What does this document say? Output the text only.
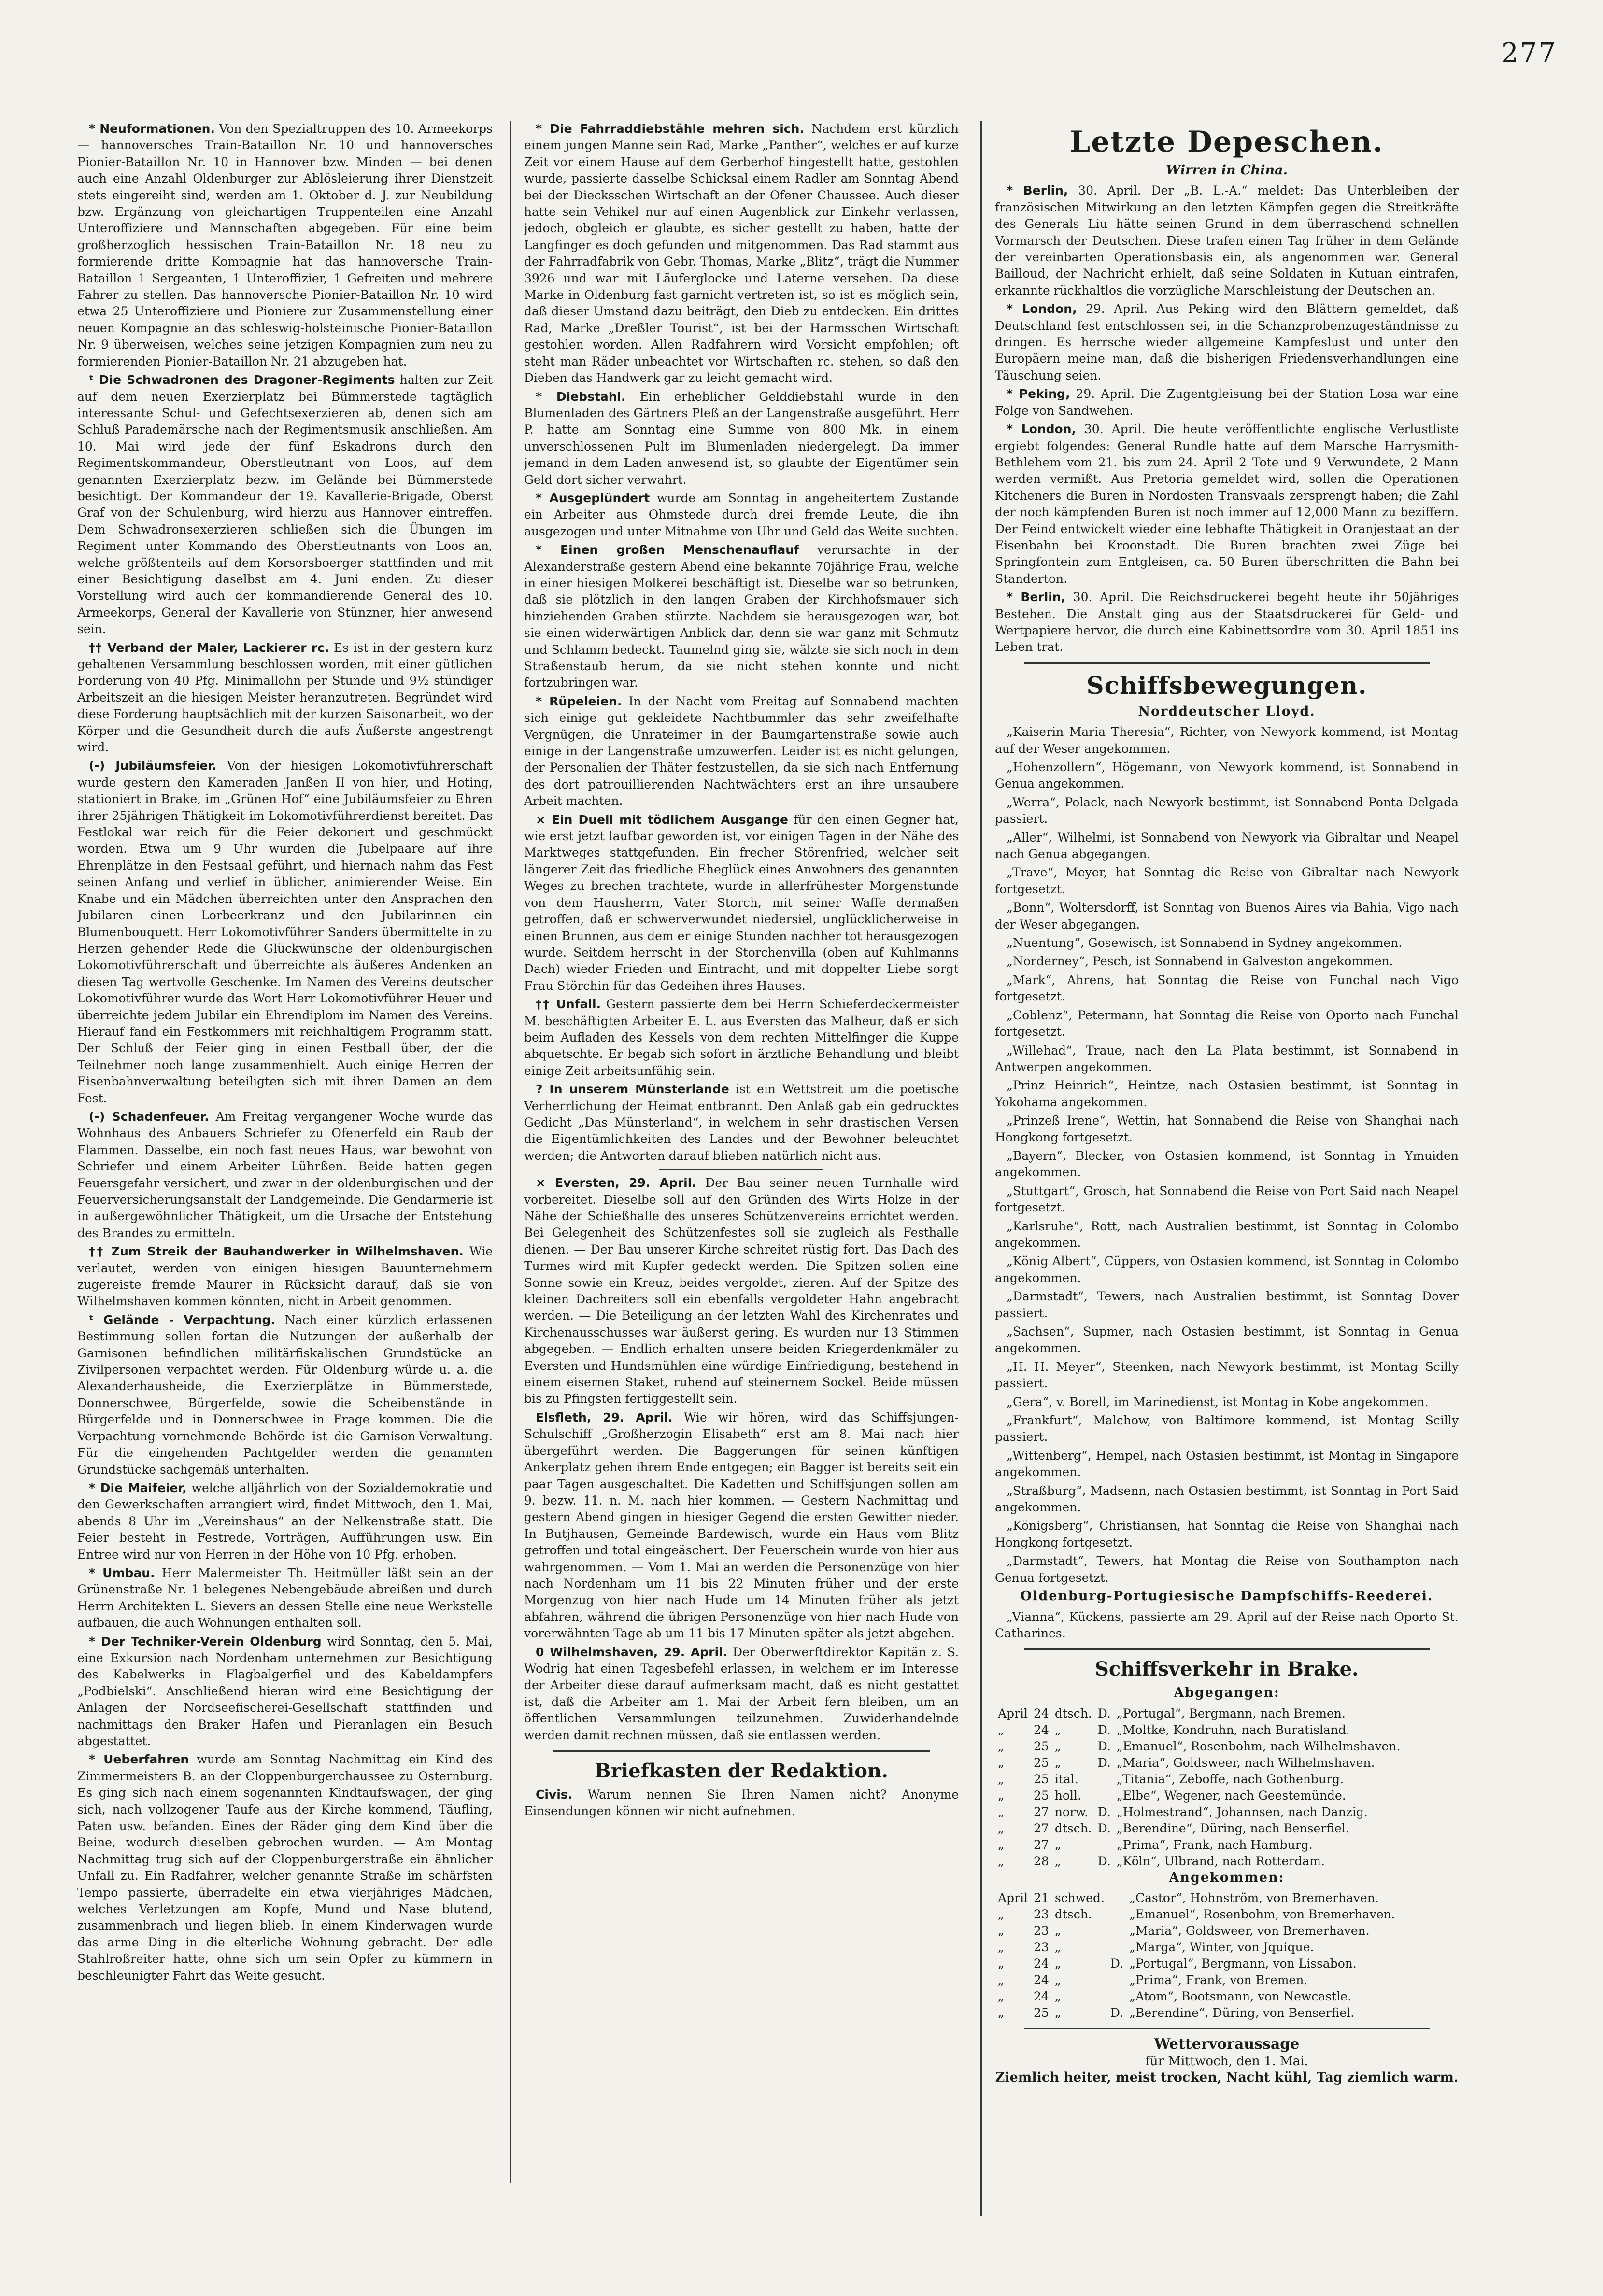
277

* Neuformationen. Von den Spezialtruppen des 10. Armeekorps — hannoversches Train-Bataillon Nr. 10 und hannoversches Pionier-Bataillon Nr. 10 in Hannover bzw. Minden — bei denen auch eine Anzahl Oldenburger zur Ablösleierung ihrer Dienstzeit stets eingereiht sind, werden am 1. Oktober d. J. zur Neubildung bzw. Ergänzung von gleichartigen Truppenteilen eine Anzahl Unteroffiziere und Mannschaften abgegeben. Für eine beim großherzoglich hessischen Train-Bataillon Nr. 18 neu zu formierende dritte Kompagnie hat das hannoversche Train-Bataillon 1 Sergeanten, 1 Unteroffizier, 1 Gefreiten und mehrere Fahrer zu stellen. Das hannoversche Pionier-Bataillon Nr. 10 wird etwa 25 Unteroffiziere und Pioniere zur Zusammenstellung einer neuen Kompagnie an das schleswig-holsteinische Pionier-Bataillon Nr. 9 überweisen, welches seine jetzigen Kompagnien zum neu zu formierenden Pionier-Bataillon Nr. 21 abzugeben hat.

ᵗ Die Schwadronen des Dragoner-Regiments halten zur Zeit auf dem neuen Exerzierplatz bei Bümmerstede tagtäglich interessante Schul- und Gefechtsexerzieren ab, denen sich am Schluß Parademärsche nach der Regimentsmusik anschließen. Am 10. Mai wird jede der fünf Eskadrons durch den Regimentskommandeur, Oberstleutnant von Loos, auf dem genannten Exerzierplatz bezw. im Gelände bei Bümmerstede besichtigt. Der Kommandeur der 19. Kavallerie-Brigade, Oberst Graf von der Schulenburg, wird hierzu aus Hannover eintreffen. Dem Schwadronsexerzieren schließen sich die Übungen im Regiment unter Kommando des Oberstleutnants von Loos an, welche größtenteils auf dem Korsorsboerger stattfinden und mit einer Besichtigung daselbst am 4. Juni enden. Zu dieser Vorstellung wird auch der kommandierende General des 10. Armeekorps, General der Kavallerie von Stünzner, hier anwesend sein.

†† Verband der Maler, Lackierer rc. Es ist in der gestern kurz gehaltenen Versammlung beschlossen worden, mit einer gütlichen Forderung von 40 Pfg. Minimallohn per Stunde und 9½ stündiger Arbeitszeit an die hiesigen Meister heranzutreten. Begründet wird diese Forderung hauptsächlich mit der kurzen Saisonarbeit, wo der Körper und die Gesundheit durch die aufs Äußerste angestrengt wird.

(-) Jubiläumsfeier. Von der hiesigen Lokomotivführerschaft wurde gestern den Kameraden Janßen II von hier, und Hoting, stationiert in Brake, im „Grünen Hof“ eine Jubiläumsfeier zu Ehren ihrer 25jährigen Thätigkeit im Lokomotivführerdienst bereitet. Das Festlokal war reich für die Feier dekoriert und geschmückt worden. Etwa um 9 Uhr wurden die Jubelpaare auf ihre Ehrenplätze in den Festsaal geführt, und hiernach nahm das Fest seinen Anfang und verlief in üblicher, animierender Weise. Ein Knabe und ein Mädchen überreichten unter den Ansprachen den Jubilaren einen Lorbeerkranz und den Jubilarinnen ein Blumenbouquett. Herr Lokomotivführer Sanders übermittelte in zu Herzen gehender Rede die Glückwünsche der oldenburgischen Lokomotivführerschaft und überreichte als äußeres Andenken an diesen Tag wertvolle Geschenke. Im Namen des Vereins deutscher Lokomotivführer wurde das Wort Herr Lokomotivführer Heuer und überreichte jedem Jubilar ein Ehrendiplom im Namen des Vereins. Hierauf fand ein Festkommers mit reichhaltigem Programm statt. Der Schluß der Feier ging in einen Festball über, der die Teilnehmer noch lange zusammenhielt. Auch einige Herren der Eisenbahnverwaltung beteiligten sich mit ihren Damen an dem Fest.

(-) Schadenfeuer. Am Freitag vergangener Woche wurde das Wohnhaus des Anbauers Schriefer zu Ofenerfeld ein Raub der Flammen. Dasselbe, ein noch fast neues Haus, war bewohnt von Schriefer und einem Arbeiter Lührßen. Beide hatten gegen Feuersgefahr versichert, und zwar in der oldenburgischen und der Feuerversicherungsanstalt der Landgemeinde. Die Gendarmerie ist in außergewöhnlicher Thätigkeit, um die Ursache der Entstehung des Brandes zu ermitteln.

†† Zum Streik der Bauhandwerker in Wilhelmshaven. Wie verlautet, werden von einigen hiesigen Bauunternehmern zugereiste fremde Maurer in Rücksicht darauf, daß sie von Wilhelmshaven kommen könnten, nicht in Arbeit genommen.

ᵗ Gelände - Verpachtung. Nach einer kürzlich erlassenen Bestimmung sollen fortan die Nutzungen der außerhalb der Garnisonen befindlichen militärfiskalischen Grundstücke an Zivilpersonen verpachtet werden. Für Oldenburg würde u. a. die Alexanderhausheide, die Exerzierplätze in Bümmerstede, Donnerschwee, Bürgerfelde, sowie die Scheibenstände in Bürgerfelde und in Donnerschwee in Frage kommen. Die die Verpachtung vornehmende Behörde ist die Garnison-Verwaltung. Für die eingehenden Pachtgelder werden die genannten Grundstücke sachgemäß unterhalten.

* Die Maifeier, welche alljährlich von der Sozialdemokratie und den Gewerkschaften arrangiert wird, findet Mittwoch, den 1. Mai, abends 8 Uhr im „Vereinshaus“ an der Nelkenstraße statt. Die Feier besteht in Festrede, Vorträgen, Aufführungen usw. Ein Entree wird nur von Herren in der Höhe von 10 Pfg. erhoben.

* Umbau. Herr Malermeister Th. Heitmüller läßt sein an der Grünenstraße Nr. 1 belegenes Nebengebäude abreißen und durch Herrn Architekten L. Sievers an dessen Stelle eine neue Werkstelle aufbauen, die auch Wohnungen enthalten soll.

* Der Techniker-Verein Oldenburg wird Sonntag, den 5. Mai, eine Exkursion nach Nordenham unternehmen zur Besichtigung des Kabelwerks in Flagbalgerfiel und des Kabeldampfers „Podbielski“. Anschließend hieran wird eine Besichtigung der Anlagen der Nordseefischerei-Gesellschaft stattfinden und nachmittags den Braker Hafen und Pieranlagen ein Besuch abgestattet.

* Ueberfahren wurde am Sonntag Nachmittag ein Kind des Zimmermeisters B. an der Cloppenburgerchaussee zu Osternburg. Es ging sich nach einem sogenannten Kindtaufswagen, der ging sich, nach vollzogener Taufe aus der Kirche kommend, Täufling, Paten usw. befanden. Eines der Räder ging dem Kind über die Beine, wodurch dieselben gebrochen wurden. — Am Montag Nachmittag trug sich auf der Cloppenburgerstraße ein ähnlicher Unfall zu. Ein Radfahrer, welcher genannte Straße im schärfsten Tempo passierte, überradelte ein etwa vierjähriges Mädchen, welches Verletzungen am Kopfe, Mund und Nase blutend, zusammenbrach und liegen blieb. In einem Kinderwagen wurde das arme Ding in die elterliche Wohnung gebracht. Der edle Stahlroßreiter hatte, ohne sich um sein Opfer zu kümmern in beschleunigter Fahrt das Weite gesucht.

* Die Fahrraddiebstähle mehren sich. Nachdem erst kürzlich einem jungen Manne sein Rad, Marke „Panther“, welches er auf kurze Zeit vor einem Hause auf dem Gerberhof hingestellt hatte, gestohlen wurde, passierte dasselbe Schicksal einem Radler am Sonntag Abend bei der Diecksschen Wirtschaft an der Ofener Chaussee. Auch dieser hatte sein Vehikel nur auf einen Augenblick zur Einkehr verlassen, jedoch, obgleich er glaubte, es sicher gestellt zu haben, hatte der Langfinger es doch gefunden und mitgenommen. Das Rad stammt aus der Fahrradfabrik von Gebr. Thomas, Marke „Blitz“, trägt die Nummer 3926 und war mit Läuferglocke und Laterne versehen. Da diese Marke in Oldenburg fast garnicht vertreten ist, so ist es möglich sein, daß dieser Umstand dazu beiträgt, den Dieb zu entdecken. Ein drittes Rad, Marke „Dreßler Tourist“, ist bei der Harmsschen Wirtschaft gestohlen worden. Allen Radfahrern wird Vorsicht empfohlen; oft steht man Räder unbeachtet vor Wirtschaften rc. stehen, so daß den Dieben das Handwerk gar zu leicht gemacht wird.

* Diebstahl. Ein erheblicher Gelddiebstahl wurde in den Blumenladen des Gärtners Pleß an der Langenstraße ausgeführt. Herr P. hatte am Sonntag eine Summe von 800 Mk. in einem unverschlossenen Pult im Blumenladen niedergelegt. Da immer jemand in dem Laden anwesend ist, so glaubte der Eigentümer sein Geld dort sicher verwahrt.

* Ausgeplündert wurde am Sonntag in angeheitertem Zustande ein Arbeiter aus Ohmstede durch drei fremde Leute, die ihn ausgezogen und unter Mitnahme von Uhr und Geld das Weite suchten.

* Einen großen Menschenauflauf verursachte in der Alexanderstraße gestern Abend eine bekannte 70jährige Frau, welche in einer hiesigen Molkerei beschäftigt ist. Dieselbe war so betrunken, daß sie plötzlich in den langen Graben der Kirchhofsmauer sich hinziehenden Graben stürzte. Nachdem sie herausgezogen war, bot sie einen widerwärtigen Anblick dar, denn sie war ganz mit Schmutz und Schlamm bedeckt. Taumelnd ging sie, wälzte sie sich noch in dem Straßenstaub herum, da sie nicht stehen konnte und nicht fortzubringen war.

* Rüpeleien. In der Nacht vom Freitag auf Sonnabend machten sich einige gut gekleidete Nachtbummler das sehr zweifelhafte Vergnügen, die Unrateimer in der Baumgartenstraße sowie auch einige in der Langenstraße umzuwerfen. Leider ist es nicht gelungen, der Personalien der Thäter festzustellen, da sie sich nach Entfernung des dort patrouillierenden Nachtwächters erst an ihre unsaubere Arbeit machten.

× Ein Duell mit tödlichem Ausgange für den einen Gegner hat, wie erst jetzt laufbar geworden ist, vor einigen Tagen in der Nähe des Marktweges stattgefunden. Ein frecher Störenfried, welcher seit längerer Zeit das friedliche Eheglück eines Anwohners des genannten Weges zu brechen trachtete, wurde in allerfrühester Morgenstunde von dem Hausherrn, Vater Storch, mit seiner Waffe dermaßen getroffen, daß er schwerverwundet niedersiel, unglücklicherweise in einen Brunnen, aus dem er einige Stunden nachher tot herausgezogen wurde. Seitdem herrscht in der Storchenvilla (oben auf Kuhlmanns Dach) wieder Frieden und Eintracht, und mit doppelter Liebe sorgt Frau Störchin für das Gedeihen ihres Hauses.

†† Unfall. Gestern passierte dem bei Herrn Schieferdeckermeister M. beschäftigten Arbeiter E. L. aus Eversten das Malheur, daß er sich beim Aufladen des Kessels von dem rechten Mittelfinger die Kuppe abquetschte. Er begab sich sofort in ärztliche Behandlung und bleibt einige Zeit arbeitsunfähig sein.

? In unserem Münsterlande ist ein Wettstreit um die poetische Verherrlichung der Heimat entbrannt. Den Anlaß gab ein gedrucktes Gedicht „Das Münsterland“, in welchem in sehr drastischen Versen die Eigentümlichkeiten des Landes und der Bewohner beleuchtet werden; die Antworten darauf blieben natürlich nicht aus.

× Eversten, 29. April. Der Bau seiner neuen Turnhalle wird vorbereitet. Dieselbe soll auf den Gründen des Wirts Holze in der Nähe der Schießhalle des unseres Schützenvereins errichtet werden. Bei Gelegenheit des Schützenfestes soll sie zugleich als Festhalle dienen. — Der Bau unserer Kirche schreitet rüstig fort. Das Dach des Turmes wird mit Kupfer gedeckt werden. Die Spitzen sollen eine Sonne sowie ein Kreuz, beides vergoldet, zieren. Auf der Spitze des kleinen Dachreiters soll ein ebenfalls vergoldeter Hahn angebracht werden. — Die Beteiligung an der letzten Wahl des Kirchenrates und Kirchenausschusses war äußerst gering. Es wurden nur 13 Stimmen abgegeben. — Endlich erhalten unsere beiden Kriegerdenkmäler zu Eversten und Hundsmühlen eine würdige Einfriedigung, bestehend in einem eisernen Staket, ruhend auf steinernem Sockel. Beide müssen bis zu Pfingsten fertiggestellt sein.

Elsfleth, 29. April. Wie wir hören, wird das Schiffsjungen-Schulschiff „Großherzogin Elisabeth“ erst am 8. Mai nach hier übergeführt werden. Die Baggerungen für seinen künftigen Ankerplatz gehen ihrem Ende entgegen; ein Bagger ist bereits seit ein paar Tagen ausgeschaltet. Die Kadetten und Schiffsjungen sollen am 9. bezw. 11. n. M. nach hier kommen. — Gestern Nachmittag und gestern Abend gingen in hiesiger Gegend die ersten Gewitter nieder. In Butjhausen, Gemeinde Bardewisch, wurde ein Haus vom Blitz getroffen und total eingeäschert. Der Feuerschein wurde von hier aus wahrgenommen. — Vom 1. Mai an werden die Personenzüge von hier nach Nordenham um 11 bis 22 Minuten früher und der erste Morgenzug von hier nach Hude um 14 Minuten früher als jetzt abfahren, während die übrigen Personenzüge von hier nach Hude von vorerwähnten Tage ab um 11 bis 17 Minuten später als jetzt abgehen.

0 Wilhelmshaven, 29. April. Der Oberwerftdirektor Kapitän z. S. Wodrig hat einen Tagesbefehl erlassen, in welchem er im Interesse der Arbeiter diese darauf aufmerksam macht, daß es nicht gestattet ist, daß die Arbeiter am 1. Mai der Arbeit fern bleiben, um an öffentlichen Versammlungen teilzunehmen. Zuwiderhandelnde werden damit rechnen müssen, daß sie entlassen werden.

Briefkasten der Redaktion.

Civis. Warum nennen Sie Ihren Namen nicht? Anonyme Einsendungen können wir nicht aufnehmen.

Letzte Depeschen.
Wirren in China.

* Berlin, 30. April. Der „B. L.-A.“ meldet: Das Unterbleiben der französischen Mitwirkung an den letzten Kämpfen gegen die Streitkräfte des Generals Liu hätte seinen Grund in dem überraschend schnellen Vormarsch der Deutschen. Diese trafen einen Tag früher in dem Gelände der vereinbarten Operationsbasis ein, als angenommen war. General Bailloud, der Nachricht erhielt, daß seine Soldaten in Kutuan eintrafen, erkannte rückhaltlos die vorzügliche Marschleistung der Deutschen an.

* London, 29. April. Aus Peking wird den Blättern gemeldet, daß Deutschland fest entschlossen sei, in die Schanzprobenzugeständnisse zu dringen. Es herrsche wieder allgemeine Kampfeslust und unter den Europäern meine man, daß die bisherigen Friedensverhandlungen eine Täuschung seien.

* Peking, 29. April. Die Zugentgleisung bei der Station Losa war eine Folge von Sandwehen.

* London, 30. April. Die heute veröffentlichte englische Verlustliste ergiebt folgendes: General Rundle hatte auf dem Marsche Harrysmith-Bethlehem vom 21. bis zum 24. April 2 Tote und 9 Verwundete, 2 Mann werden vermißt. Aus Pretoria gemeldet wird, sollen die Operationen Kitcheners die Buren in Nordosten Transvaals zersprengt haben; die Zahl der noch kämpfenden Buren ist noch immer auf 12,000 Mann zu beziffern. Der Feind entwickelt wieder eine lebhafte Thätigkeit in Oranjestaat an der Eisenbahn bei Kroonstadt. Die Buren brachten zwei Züge bei Springfontein zum Entgleisen, ca. 50 Buren überschritten die Bahn bei Standerton.

* Berlin, 30. April. Die Reichsdruckerei begeht heute ihr 50jähriges Bestehen. Die Anstalt ging aus der Staatsdruckerei für Geld- und Wertpapiere hervor, die durch eine Kabinettsordre vom 30. April 1851 ins Leben trat.

Schiffsbewegungen.
Norddeutscher Lloyd.

„Kaiserin Maria Theresia“, Richter, von Newyork kommend, ist Montag auf der Weser angekommen.

„Hohenzollern“, Högemann, von Newyork kommend, ist Sonnabend in Genua angekommen.

„Werra“, Polack, nach Newyork bestimmt, ist Sonnabend Ponta Delgada passiert.

„Aller“, Wilhelmi, ist Sonnabend von Newyork via Gibraltar und Neapel nach Genua abgegangen.

„Trave“, Meyer, hat Sonntag die Reise von Gibraltar nach Newyork fortgesetzt.

„Bonn“, Woltersdorff, ist Sonntag von Buenos Aires via Bahia, Vigo nach der Weser abgegangen.

„Nuentung“, Gosewisch, ist Sonnabend in Sydney angekommen.

„Norderney“, Pesch, ist Sonnabend in Galveston angekommen.

„Mark“, Ahrens, hat Sonntag die Reise von Funchal nach Vigo fortgesetzt.

„Coblenz“, Petermann, hat Sonntag die Reise von Oporto nach Funchal fortgesetzt.

„Willehad“, Traue, nach den La Plata bestimmt, ist Sonnabend in Antwerpen angekommen.

„Prinz Heinrich“, Heintze, nach Ostasien bestimmt, ist Sonntag in Yokohama angekommen.

„Prinzeß Irene“, Wettin, hat Sonnabend die Reise von Shanghai nach Hongkong fortgesetzt.

„Bayern“, Blecker, von Ostasien kommend, ist Sonntag in Ymuiden angekommen.

„Stuttgart“, Grosch, hat Sonnabend die Reise von Port Said nach Neapel fortgesetzt.

„Karlsruhe“, Rott, nach Australien bestimmt, ist Sonntag in Colombo angekommen.

„König Albert“, Cüppers, von Ostasien kommend, ist Sonntag in Colombo angekommen.

„Darmstadt“, Tewers, nach Australien bestimmt, ist Sonntag Dover passiert.

„Sachsen“, Supmer, nach Ostasien bestimmt, ist Sonntag in Genua angekommen.

„H. H. Meyer“, Steenken, nach Newyork bestimmt, ist Montag Scilly passiert.

„Gera“, v. Borell, im Marinedienst, ist Montag in Kobe angekommen.

„Frankfurt“, Malchow, von Baltimore kommend, ist Montag Scilly passiert.

„Wittenberg“, Hempel, nach Ostasien bestimmt, ist Montag in Singapore angekommen.

„Straßburg“, Madsenn, nach Ostasien bestimmt, ist Sonntag in Port Said angekommen.

„Königsberg“, Christiansen, hat Sonntag die Reise von Shanghai nach Hongkong fortgesetzt.

„Darmstadt“, Tewers, hat Montag die Reise von Southampton nach Genua fortgesetzt.

Oldenburg-Portugiesische Dampfschiffs-Reederei.

„Vianna“, Kückens, passierte am 29. April auf der Reise nach Oporto St. Catharines.

Schiffsverkehr in Brake.
Abgegangen:
April	24	dtsch.	D.	„Portugal“, Bergmann, nach Bremen.
„	24	„	D.	„Moltke, Kondruhn, nach Buratisland.
„	25	„	D.	„Emanuel“, Rosenbohm, nach Wilhelmshaven.
„	25	„	D.	„Maria“, Goldsweer, nach Wilhelmshaven.
„	25	ital.		„Titania“, Zeboffe, nach Gothenburg.
„	25	holl.		„Elbe“, Wegener, nach Geestemünde.
„	27	norw.	D.	„Holmestrand“, Johannsen, nach Danzig.
„	27	dtsch.	D.	„Berendine“, Düring, nach Benserfiel.
„	27	„		„Prima“, Frank, nach Hamburg.
„	28	„	D.	„Köln“, Ulbrand, nach Rotterdam.
Angekommen:
April	21	schwed.		„Castor“, Hohnström, von Bremerhaven.
„	23	dtsch.		„Emanuel“, Rosenbohm, von Bremerhaven.
„	23	„		„Maria“, Goldsweer, von Bremerhaven.
„	23	„		„Marga“, Winter, von Jquique.
„	24	„	D.	„Portugal“, Bergmann, von Lissabon.
„	24	„		„Prima“, Frank, von Bremen.
„	24	„		„Atom“, Bootsmann, von Newcastle.
„	25	„	D.	„Berendine“, Düring, von Benserfiel.
Wettervoraussage
für Mittwoch, den 1. Mai.
Ziemlich heiter, meist trocken, Nacht kühl, Tag ziemlich warm.
